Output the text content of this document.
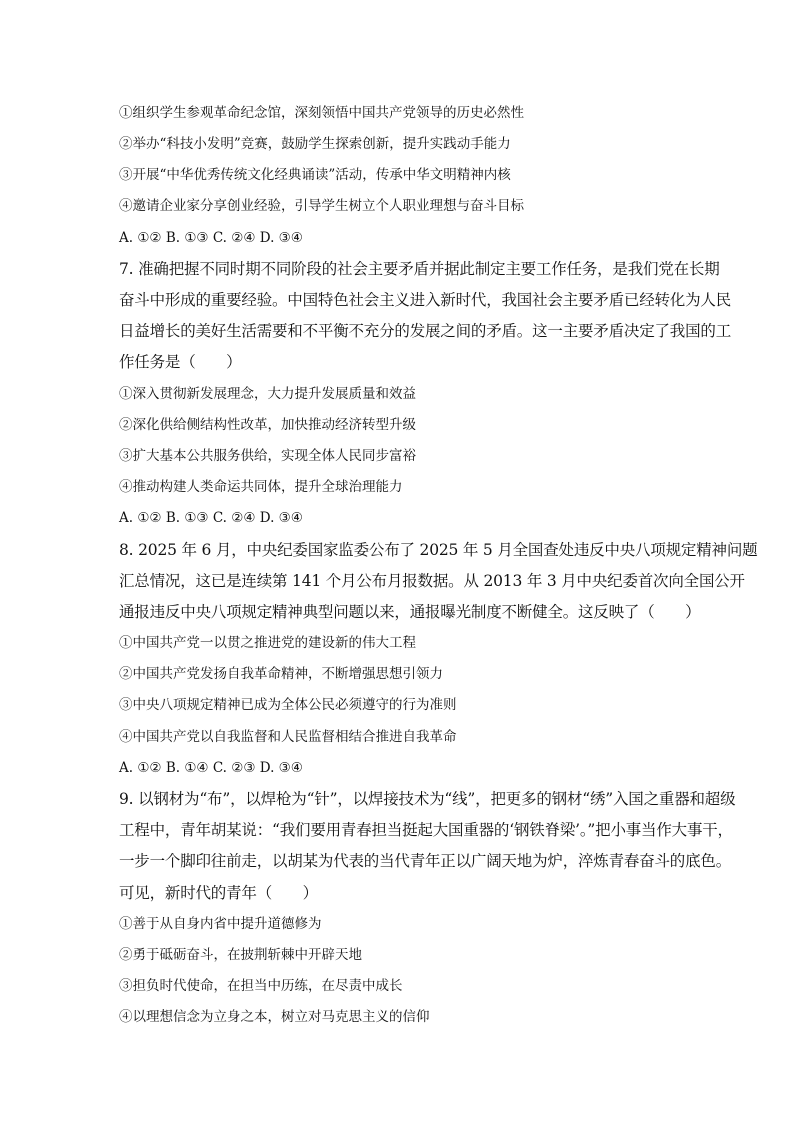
①组织学生参观革命纪念馆，深刻领悟中国共产党领导的历史必然性
②举办“科技小发明”竞赛，鼓励学生探索创新，提升实践动手能力
③开展“中华优秀传统文化经典诵读”活动，传承中华文明精神内核
④邀请企业家分享创业经验，引导学生树立个人职业理想与奋斗目标
A. ①② B. ①③ C. ②④ D. ③④
7. 准确把握不同时期不同阶段的社会主要矛盾并据此制定主要工作任务，是我们党在长期
奋斗中形成的重要经验。中国特色社会主义进入新时代，我国社会主要矛盾已经转化为人民
日益增长的美好生活需要和不平衡不充分的发展之间的矛盾。这一主要矛盾决定了我国的工
作任务是（　　）
①深入贯彻新发展理念，大力提升发展质量和效益
②深化供给侧结构性改革，加快推动经济转型升级
③扩大基本公共服务供给，实现全体人民同步富裕
④推动构建人类命运共同体，提升全球治理能力
A. ①② B. ①③ C. ②④ D. ③④
8. 2025 年 6 月，中央纪委国家监委公布了 2025 年 5 月全国查处违反中央八项规定精神问题
汇总情况，这已是连续第 141 个月公布月报数据。从 2013 年 3 月中央纪委首次向全国公开
通报违反中央八项规定精神典型问题以来，通报曝光制度不断健全。这反映了（　　）
①中国共产党一以贯之推进党的建设新的伟大工程
②中国共产党发扬自我革命精神，不断增强思想引领力
③中央八项规定精神已成为全体公民必须遵守的行为准则
④中国共产党以自我监督和人民监督相结合推进自我革命
A. ①② B. ①④ C. ②③ D. ③④
9. 以钢材为“布”，以焊枪为“针”，以焊接技术为“线”，把更多的钢材“绣”入国之重器和超级
工程中，青年胡某说：“我们要用青春担当挺起大国重器的‘钢铁脊梁’。”把小事当作大事干，
一步一个脚印往前走，以胡某为代表的当代青年正以广阔天地为炉，淬炼青春奋斗的底色。
可见，新时代的青年（　　）
①善于从自身内省中提升道德修为
②勇于砥砺奋斗，在披荆斩棘中开辟天地
③担负时代使命，在担当中历练，在尽责中成长
④以理想信念为立身之本，树立对马克思主义的信仰
